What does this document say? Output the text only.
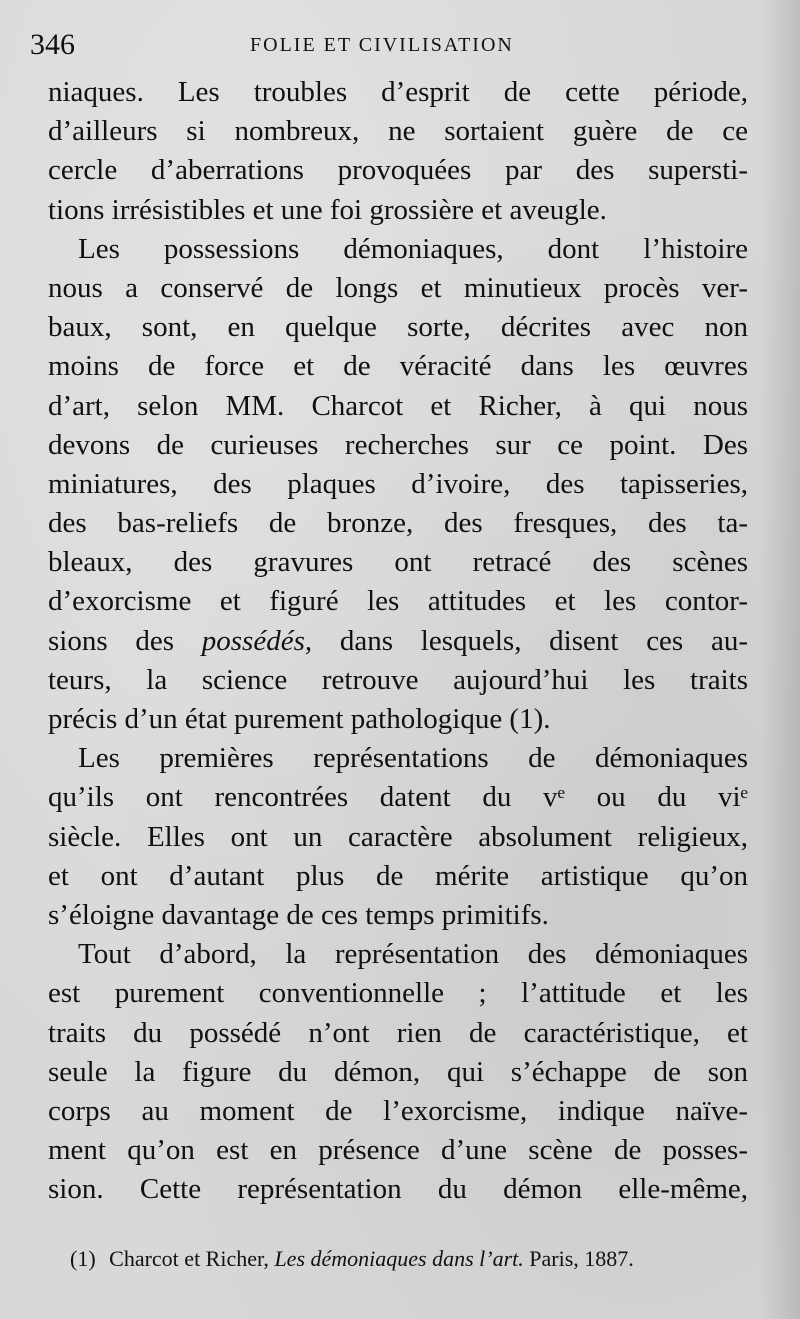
346	FOLIE ET CIVILISATION
niaques. Les troubles d’esprit de cette période,
d’ailleurs si nombreux, ne sortaient guère de ce
cercle d’aberrations provoquées par des supersti-
tions irrésistibles et une foi grossière et aveugle.
Les possessions démoniaques, dont l’histoire
nous a conservé de longs et minutieux procès ver-
baux, sont, en quelque sorte, décrites avec non
moins de force et de véracité dans les œuvres
d’art, selon MM. Charcot et Richer, à qui nous
devons de curieuses recherches sur ce point. Des
miniatures, des plaques d’ivoire, des tapisseries,
des bas-reliefs de bronze, des fresques, des ta-
bleaux, des gravures ont retracé des scènes
d’exorcisme et figuré les attitudes et les contor-
sions des possédés, dans lesquels, disent ces au-
teurs, la science retrouve aujourd’hui les traits
précis d’un état purement pathologique (1).
Les premières représentations de démoniaques
qu’ils ont rencontrées datent du vᵉ ou du viᵉ
siècle. Elles ont un caractère absolument religieux,
et ont d’autant plus de mérite artistique qu’on
s’éloigne davantage de ces temps primitifs.
Tout d’abord, la représentation des démoniaques
est purement conventionnelle ; l’attitude et les
traits du possédé n’ont rien de caractéristique, et
seule la figure du démon, qui s’échappe de son
corps au moment de l’exorcisme, indique naïve-
ment qu’on est en présence d’une scène de posses-
sion. Cette représentation du démon elle-même,
(1) Charcot et Richer, Les démoniaques dans l’art. Paris, 1887.
